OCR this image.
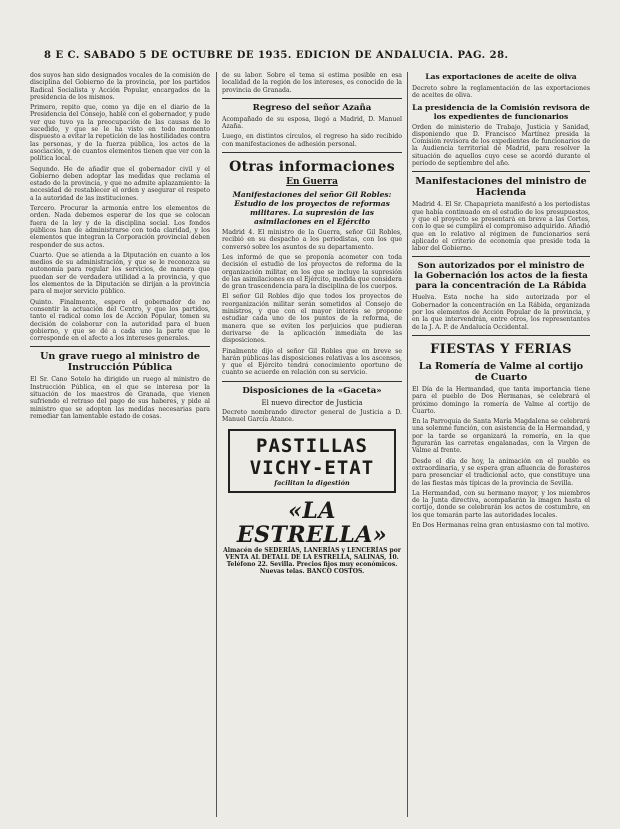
8 E C. SABADO 5 DE OCTUBRE DE 1935. EDICION DE ANDALUCIA. PAG. 28.

dos suyos han sido designados vocales de la comisión de disciplina del Gobierno de la provincia, por los partidos Radical Socialista y Acción Popular, encargados de la presidencia de los mismos.

Primero, repito que, como ya dije en el diario de la Presidencia del Consejo, hablé con el gobernador, y pude ver que tuvo ya la preocupación de las causas de lo sucedido, y que se le ha visto en todo momento dispuesto a evitar la repetición de las hostilidades contra las personas, y de la fuerza pública, los actos de la asociación, y de cuantos elementos tienen que ver con la política local.

Segundo. He de añadir que el gobernador civil y el Gobierno deben adoptar las medidas que reclama el estado de la provincia, y que no admite aplazamiento: la necesidad de restablecer el orden y asegurar el respeto a la autoridad de las instituciones.

Tercero. Procurar la armonía entre los elementos de orden. Nada debemos esperar de los que se colocan fuera de la ley y de la disciplina social. Los fondos públicos han de administrarse con toda claridad, y los elementos que integran la Corporación provincial deben responder de sus actos.

Cuarto. Que se atienda a la Diputación en cuanto a los medios de su administración, y que se le reconozca su autonomía para regular los servicios, de manera que puedan ser de verdadera utilidad a la provincia, y que los elementos de la Diputación se dirijan a la provincia para el mejor servicio público.

Quinto. Finalmente, espero el gobernador de no consentir la actuación del Centro, y que los partidos, tanto el radical como los de Acción Popular, tomen su decisión de colaborar con la autoridad para el buen gobierno, y que se dé a cada uno la parte que le corresponde en el afecto a los intereses generales.

Un grave ruego al ministro de Instrucción Pública

El Sr. Cano Sotelo ha dirigido un ruego al ministro de Instrucción Pública, en el que se interesa por la situación de los maestros de Granada, que vienen sufriendo el retraso del pago de sus haberes, y pide al ministro que se adopten las medidas necesarias para remediar tan lamentable estado de cosas.

de su labor. Sobre el tema si estima posible en esa localidad de la región de los intereses, es conocido de la provincia de Granada.

Regreso del señor Azaña

Acompañado de su esposa, llegó a Madrid, D. Manuel Azaña.

Luego, en distintos círculos, el regreso ha sido recibido con manifestaciones de adhesión personal.

Otras informaciones
En Guerra
Manifestaciones del señor Gil Robles: Estudio de los proyectos de reformas militares. La supresión de las asimilaciones en el Ejército

Madrid 4. El ministro de la Guerra, señor Gil Robles, recibió en su despacho a los periodistas, con los que conversó sobre los asuntos de su departamento.

Les informó de que se proponía acometer con toda decisión el estudio de los proyectos de reforma de la organización militar, en los que se incluye la supresión de las asimilaciones en el Ejército, medida que considera de gran trascendencia para la disciplina de los cuerpos.

El señor Gil Robles dijo que todos los proyectos de reorganización militar serán sometidos al Consejo de ministros, y que con el mayor interés se propone estudiar cada uno de los puntos de la reforma, de manera que se eviten los perjuicios que pudieran derivarse de la aplicación inmediata de las disposiciones.

Finalmente dijo el señor Gil Robles que en breve se harán públicas las disposiciones relativas a los ascensos, y que el Ejército tendrá conocimiento oportuno de cuanto se acuerde en relación con su servicio.

Disposiciones de la «Gaceta»
El nuevo director de Justicia

Decreto nombrando director general de Justicia a D. Manuel García Atance.

PASTILLAS
VICHY-ETAT
facilitan la digestión
«LA ESTRELLA»
Almacén de SEDERÍAS, LANERÍAS y LENCERÍAS por VENTA AL DETALL DE LA ESTRELLA, SALINAS, 10. Teléfono 22. Sevilla. Precios fijos muy económicos. Nuevas telas. BANCO COSTOS.
Las exportaciones de aceite de oliva

Decreto sobre la reglamentación de las exportaciones de aceites de oliva.

La presidencia de la Comisión revisora de los expedientes de funcionarios

Orden de ministerio de Trabajo, Justicia y Sanidad, disponiendo que D. Francisco Martínez presida la Comisión revisora de los expedientes de funcionarios de la Audiencia territorial de Madrid, para resolver la situación de aquellos cuyo cese se acordó durante el período de septiembre del año.

Manifestaciones del ministro de Hacienda

Madrid 4. El Sr. Chapaprieta manifestó a los periodistas que había continuado en el estudio de los presupuestos, y que el proyecto se presentará en breve a las Cortes, con lo que se cumplirá el compromiso adquirido. Añadió que en lo relativo al régimen de funcionarios será aplicado el criterio de economía que preside toda la labor del Gobierno.

Son autorizados por el ministro de la Gobernación los actos de la fiesta para la concentración de La Rábida

Huelva. Esta noche ha sido autorizada por el Gobernador la concentración en La Rábida, organizada por los elementos de Acción Popular de la provincia, y en la que intervendrán, entre otros, los representantes de la J. A. P. de Andalucía Occidental.

FIESTAS Y FERIAS
La Romería de Valme al cortijo de Cuarto

El Día de la Hermandad, que tanta importancia tiene para el pueblo de Dos Hermanas, se celebrará el próximo domingo la romería de Valme al cortijo de Cuarto.

En la Parroquia de Santa María Magdalena se celebrará una solemne función, con asistencia de la Hermandad, y por la tarde se organizará la romería, en la que figurarán las carretas engalanadas, con la Virgen de Valme al frente.

Desde el día de hoy, la animación en el pueblo es extraordinaria, y se espera gran afluencia de forasteros para presenciar el tradicional acto, que constituye una de las fiestas más típicas de la provincia de Sevilla.

La Hermandad, con su hermano mayor, y los miembros de la Junta directiva, acompañarán la imagen hasta el cortijo, donde se celebrarán los actos de costumbre, en los que tomarán parte las autoridades locales.

En Dos Hermanas reina gran entusiasmo con tal motivo.
